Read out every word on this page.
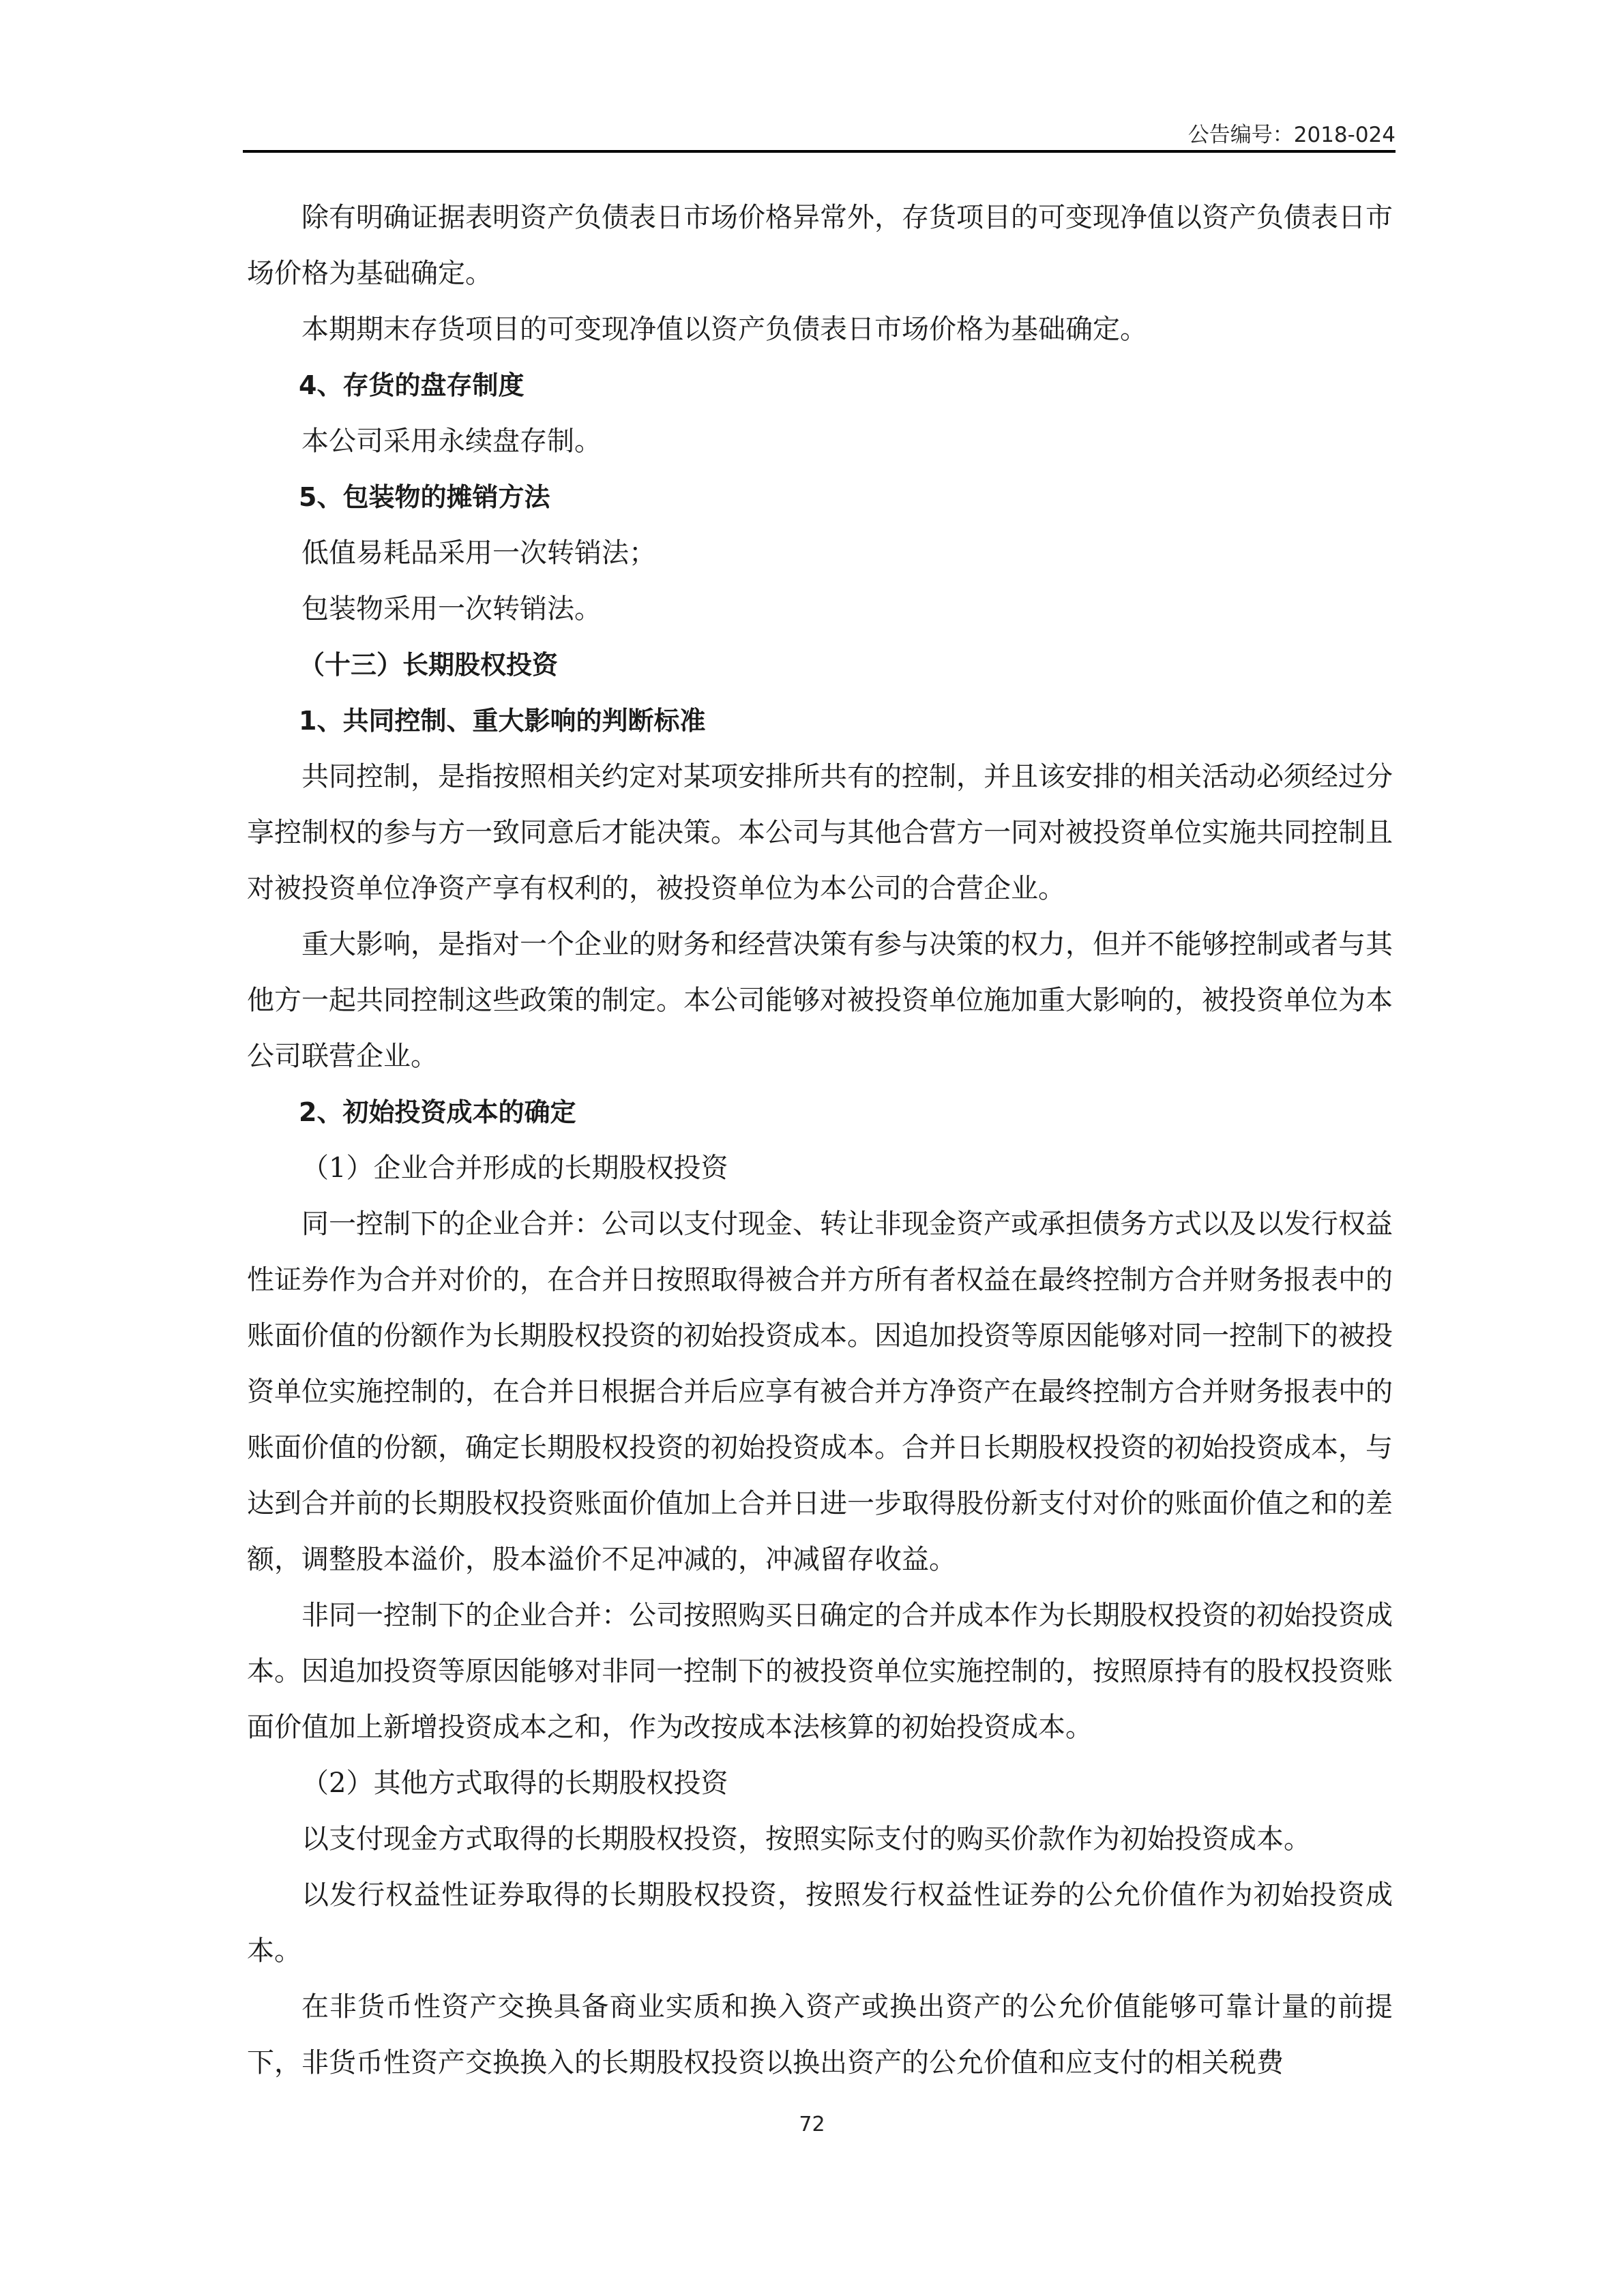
公告编号：2018-024

除有明确证据表明资产负债表日市场价格异常外，存货项目的可变现净值以资产负债表日市场价格为基础确定。

本期期末存货项目的可变现净值以资产负债表日市场价格为基础确定。

4、存货的盘存制度

本公司采用永续盘存制。

5、包装物的摊销方法

低值易耗品采用一次转销法；

包装物采用一次转销法。

（十三）长期股权投资

1、共同控制、重大影响的判断标准

共同控制，是指按照相关约定对某项安排所共有的控制，并且该安排的相关活动必须经过分享控制权的参与方一致同意后才能决策。本公司与其他合营方一同对被投资单位实施共同控制且对被投资单位净资产享有权利的，被投资单位为本公司的合营企业。

重大影响，是指对一个企业的财务和经营决策有参与决策的权力，但并不能够控制或者与其他方一起共同控制这些政策的制定。本公司能够对被投资单位施加重大影响的，被投资单位为本公司联营企业。

2、初始投资成本的确定

（1）企业合并形成的长期股权投资

同一控制下的企业合并：公司以支付现金、转让非现金资产或承担债务方式以及以发行权益性证券作为合并对价的，在合并日按照取得被合并方所有者权益在最终控制方合并财务报表中的账面价值的份额作为长期股权投资的初始投资成本。因追加投资等原因能够对同一控制下的被投资单位实施控制的，在合并日根据合并后应享有被合并方净资产在最终控制方合并财务报表中的账面价值的份额，确定长期股权投资的初始投资成本。合并日长期股权投资的初始投资成本，与达到合并前的长期股权投资账面价值加上合并日进一步取得股份新支付对价的账面价值之和的差额，调整股本溢价，股本溢价不足冲减的，冲减留存收益。

非同一控制下的企业合并：公司按照购买日确定的合并成本作为长期股权投资的初始投资成本。因追加投资等原因能够对非同一控制下的被投资单位实施控制的，按照原持有的股权投资账面价值加上新增投资成本之和，作为改按成本法核算的初始投资成本。

（2）其他方式取得的长期股权投资

以支付现金方式取得的长期股权投资，按照实际支付的购买价款作为初始投资成本。

以发行权益性证券取得的长期股权投资，按照发行权益性证券的公允价值作为初始投资成本。

在非货币性资产交换具备商业实质和换入资产或换出资产的公允价值能够可靠计量的前提下，非货币性资产交换换入的长期股权投资以换出资产的公允价值和应支付的相关税费

72
